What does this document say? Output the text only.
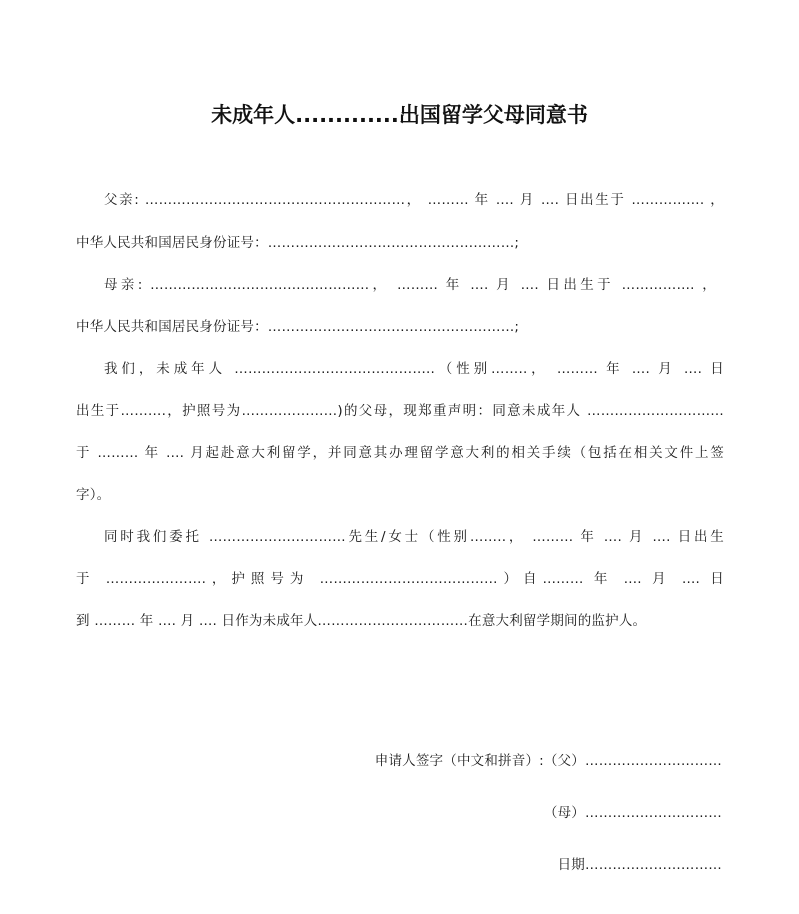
未成年人.............出国留学父母同意书
父亲: …………………………………………………， ……… 年 …. 月 …. 日出生于 ……………. ，
中华人民共和国居民身份证号：………………………………………………;
母亲: …………………………………………， ……… 年 …. 月 …. 日出生于 ……………. ，
中华人民共和国居民身份证号：………………………………………………;
我们，未成年人 ……………………………………..（性别……..， ……… 年 …. 月 …. 日
出生于……….，护照号为…………………)的父母，现郑重声明：同意未成年人 …………………………
于 ……… 年 …. 月起赴意大利留学，并同意其办理留学意大利的相关手续（包括在相关文件上签
字）。
同时我们委托 …………………………先生/女士（性别……..， ……… 年 …. 月 …. 日出生
于 ………………….，护照号为 …………………………………）自……… 年 …. 月 …. 日
到 ……… 年 …. 月 …. 日作为未成年人……………………………在意大利留学期间的监护人。
申请人签字（中文和拼音）:（父）…………………………
（母）…………………………
日期…………………………
